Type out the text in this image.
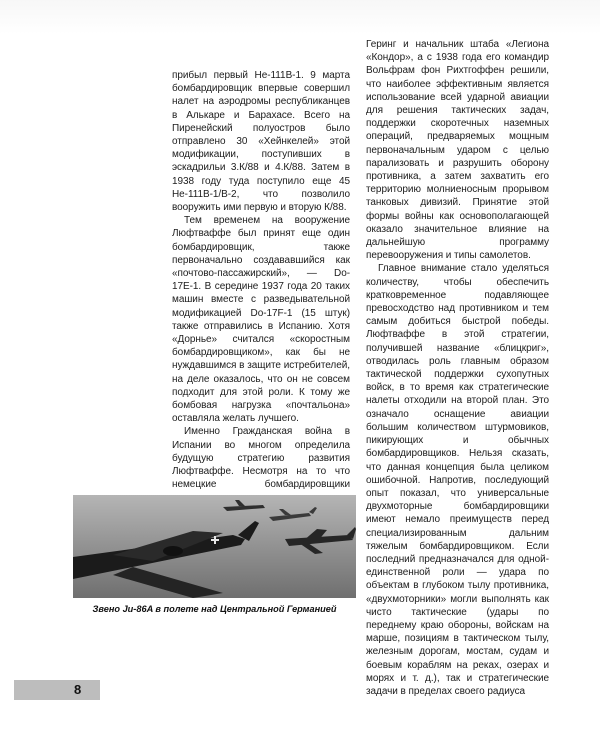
прибыл первый Не-111В-1. 9 марта бомбардировщик впервые совершил налет на аэродромы республиканцев в Алькаре и Барахасе. Всего на Пиренейский полуостров было отправлено 30 «Хейнкелей» этой модификации, поступивших в эскадрильи 3.К/88 и 4.К/88. Затем в 1938 году туда поступило еще 45 Не-111В-1/В-2, что позволило вооружить ими первую и вторую К/88.

Тем временем на вооружение Люфтваффе был принят еще один бомбардировщик, также первоначально создававшийся как «почтово-пассажирский», — Do-17Е-1. В середине 1937 года 20 таких машин вместе с разведывательной модификацией Do-17F-1 (15 штук) также отправились в Испанию. Хотя «Дорнье» считался «скоростным бомбардировщиком», как бы не нуждавшимся в защите истребителей, на деле оказалось, что он не совсем подходит для этой роли. К тому же бомбовая нагрузка «почтальона» оставляла желать лучшего.

Именно Гражданская война в Испании во многом определила будущую стратегию развития Люфтваффе. Несмотря на то что немецкие бомбардировщики

Геринг и начальник штаба «Легиона «Кондор», а с 1938 года его командир Вольфрам фон Рихтгоффен решили, что наиболее эффективным является использование всей ударной авиации для решения тактических задач, поддержки скоротечных наземных операций, предваряемых мощным первоначальным ударом с целью парализовать и разрушить оборону противника, а затем захватить его территорию молниеносным прорывом танковых дивизий. Принятие этой формы войны как основополагающей оказало значительное влияние на дальнейшую программу перевооружения и типы самолетов.

Главное внимание стало уделяться количеству, чтобы обеспечить кратковременное подавляющее превосходство над противником и тем самым добиться быстрой победы. Люфтваффе в этой стратегии, получившей название «блицкриг», отводилась роль главным образом тактической поддержки сухопутных войск, в то время как стратегические налеты отходили на второй план. Это означало оснащение авиации большим количеством штурмовиков, пикирующих и обычных бомбардировщиков. Нельзя сказать, что данная концепция была целиком ошибочной. Напротив, последующий опыт показал, что универсальные двухмоторные бомбардировщики имеют немало преимуществ перед специализированным дальним тяжелым бомбардировщиком. Если последний предназначался для одной-единственной роли — удара по объектам в глубоком тылу противника, «двухмоторники» могли выполнять как чисто тактические (удары по переднему краю обороны, войскам на марше, позициям в тактическом тылу, железным дорогам, мостам, судам и боевым кораблям на реках, озерах и морях и т. д.), так и стратегические задачи в пределах своего радиуса

Звено Ju-86A в полете над Центральной Германией
8
